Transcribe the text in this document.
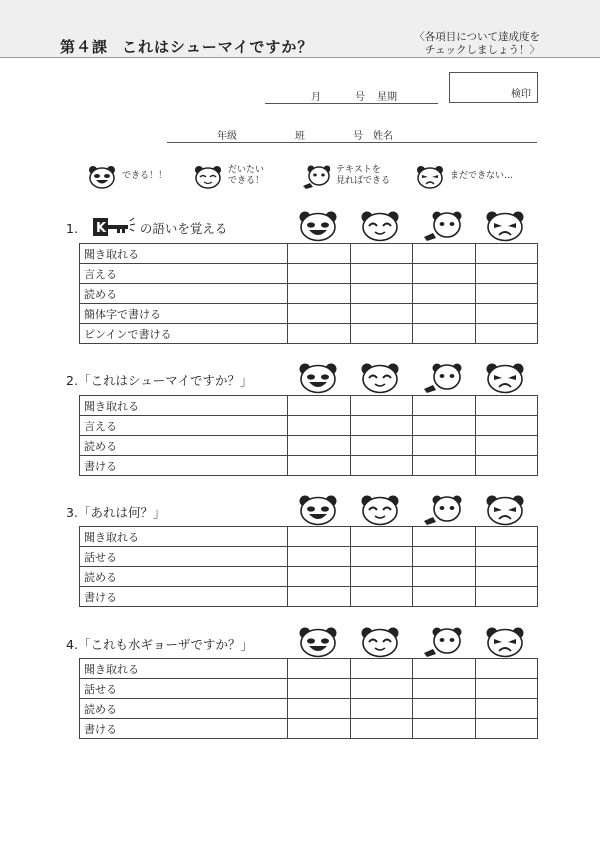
第４課 これはシューマイですか？
〈各項目について達成度を
チェックしましょう！〉
月	号 星期	検印
年级	班	号 姓名
できる！！
だいたい
できる！
テキストを
見ればできる	まだできない…
1. K	の語いを覚える
聞き取れる				
言える				
読める				
簡体字で書ける				
ピンインで書ける				
2.「これはシューマイですか？」
聞き取れる				
言える				
読める				
書ける				
3.「あれは何？」
聞き取れる				
話せる				
読める				
書ける				
4.「これも水ギョーザですか？」
聞き取れる				
話せる				
読める				
書ける				
